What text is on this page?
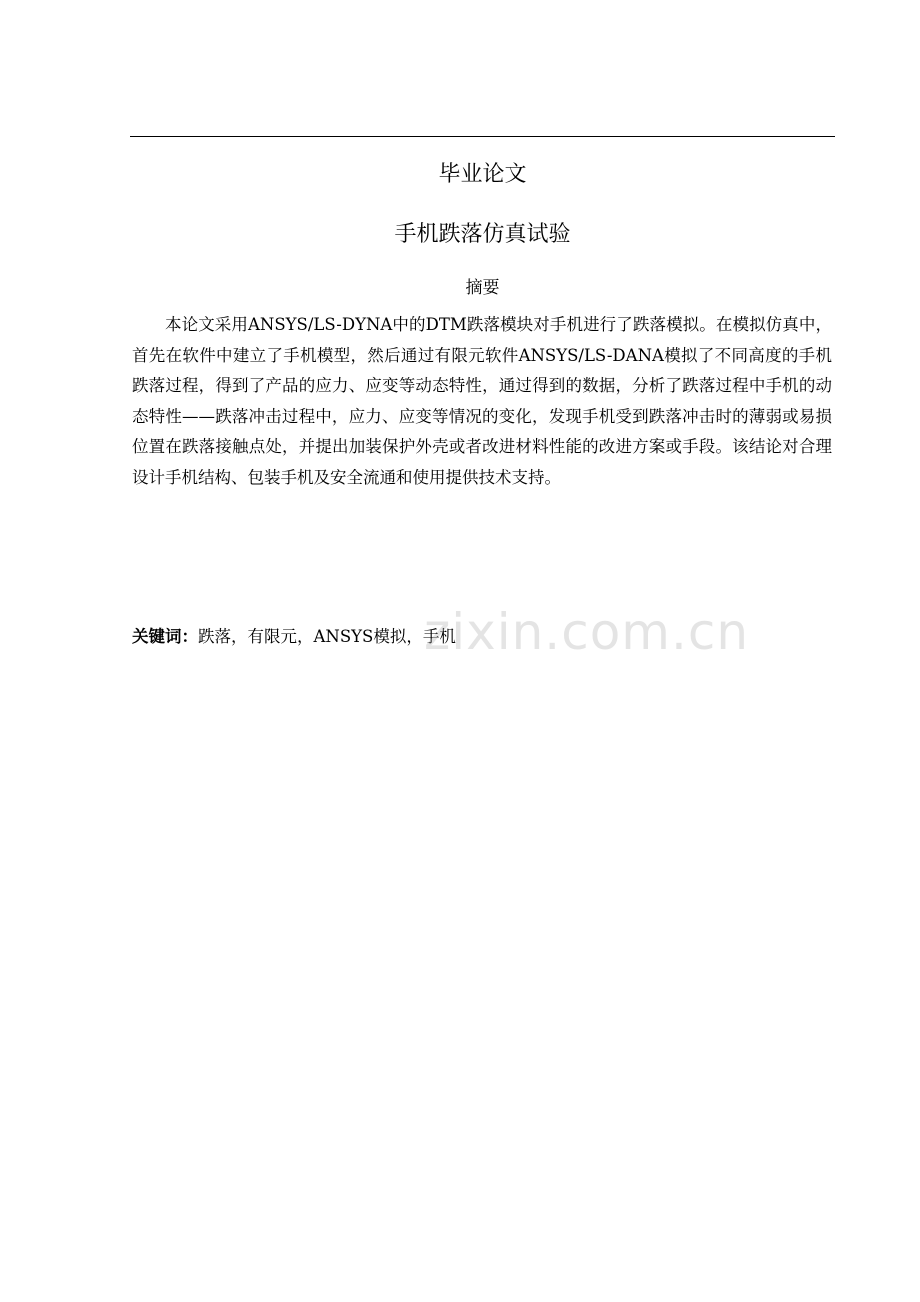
毕业论文
手机跌落仿真试验
摘要

本论文采用ANSYS/LS-DYNA中的DTM跌落模块对手机进行了跌落模拟。在模拟仿真中，首先在软件中建立了手机模型，然后通过有限元软件ANSYS/LS-DANA模拟了不同高度的手机跌落过程，得到了产品的应力、应变等动态特性，通过得到的数据，分析了跌落过程中手机的动态特性——跌落冲击过程中，应力、应变等情况的变化，发现手机受到跌落冲击时的薄弱或易损位置在跌落接触点处，并提出加装保护外壳或者改进材料性能的改进方案或手段。该结论对合理设计手机结构、包装手机及安全流通和使用提供技术支持。

关键词：跌落，有限元，ANSYS模拟，手机
zixin.com.cn
